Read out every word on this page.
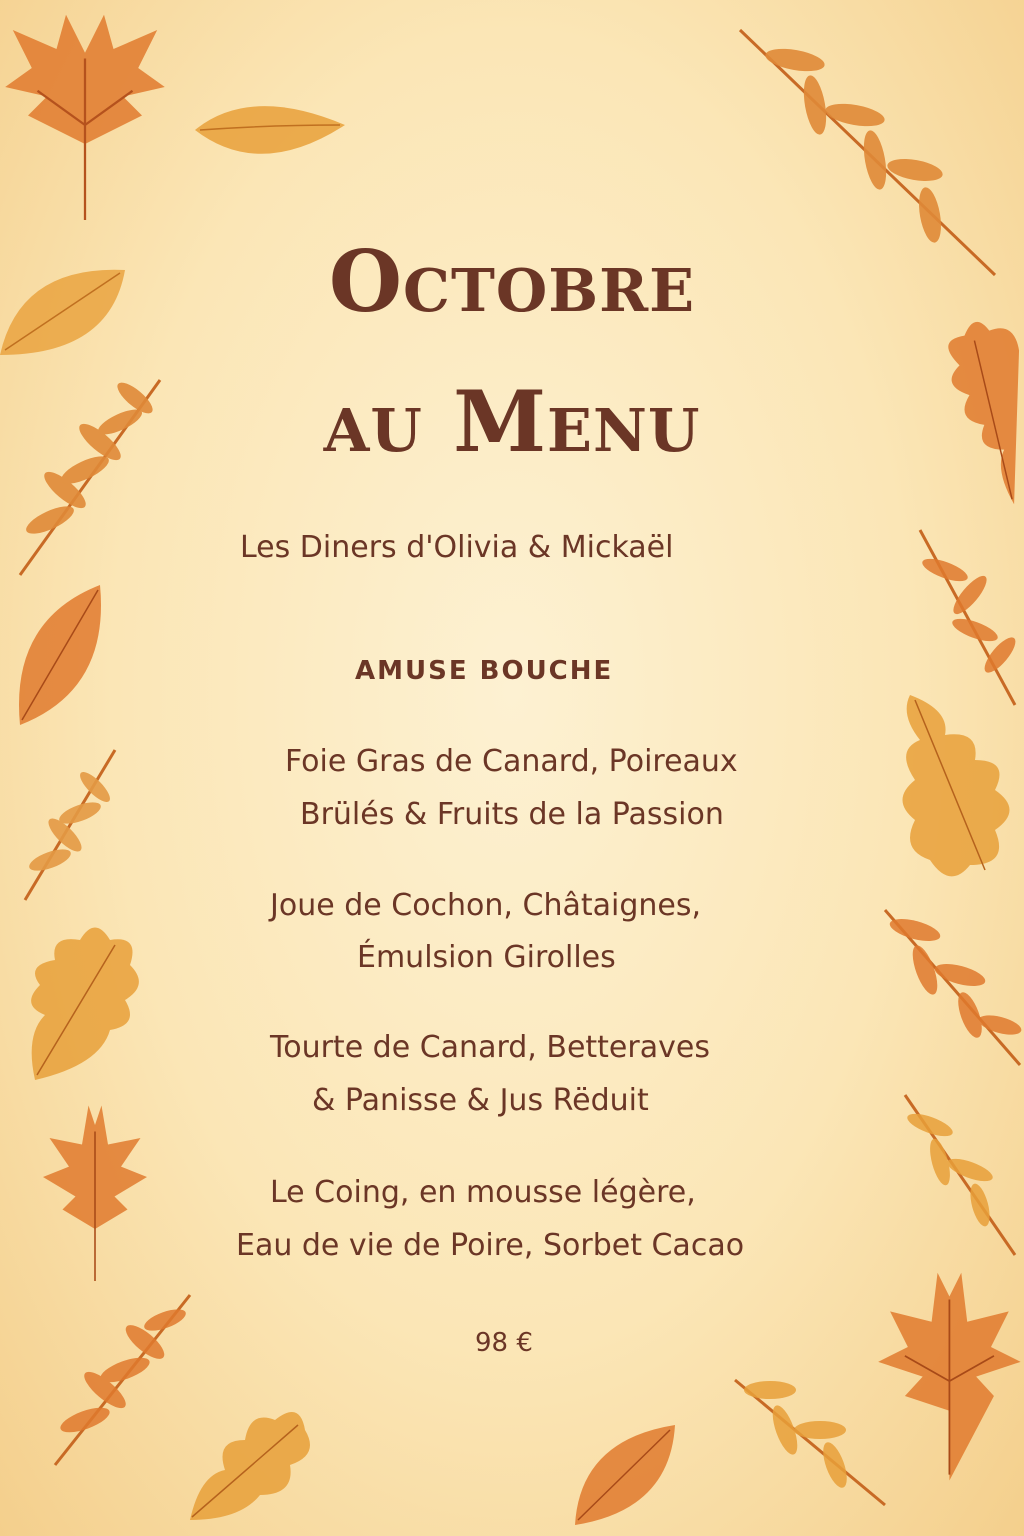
Octobre
au Menu
Les Diners d'Olivia & Mickaël
AMUSE BOUCHE
Foie Gras de Canard, Poireaux
Brülés & Fruits de la Passion
Joue de Cochon, Châtaignes,
Émulsion Girolles
Tourte de Canard, Betteraves
& Panisse & Jus Rëduit
Le Coing, en mousse légère,
Eau de vie de Poire, Sorbet Cacao
98 €
